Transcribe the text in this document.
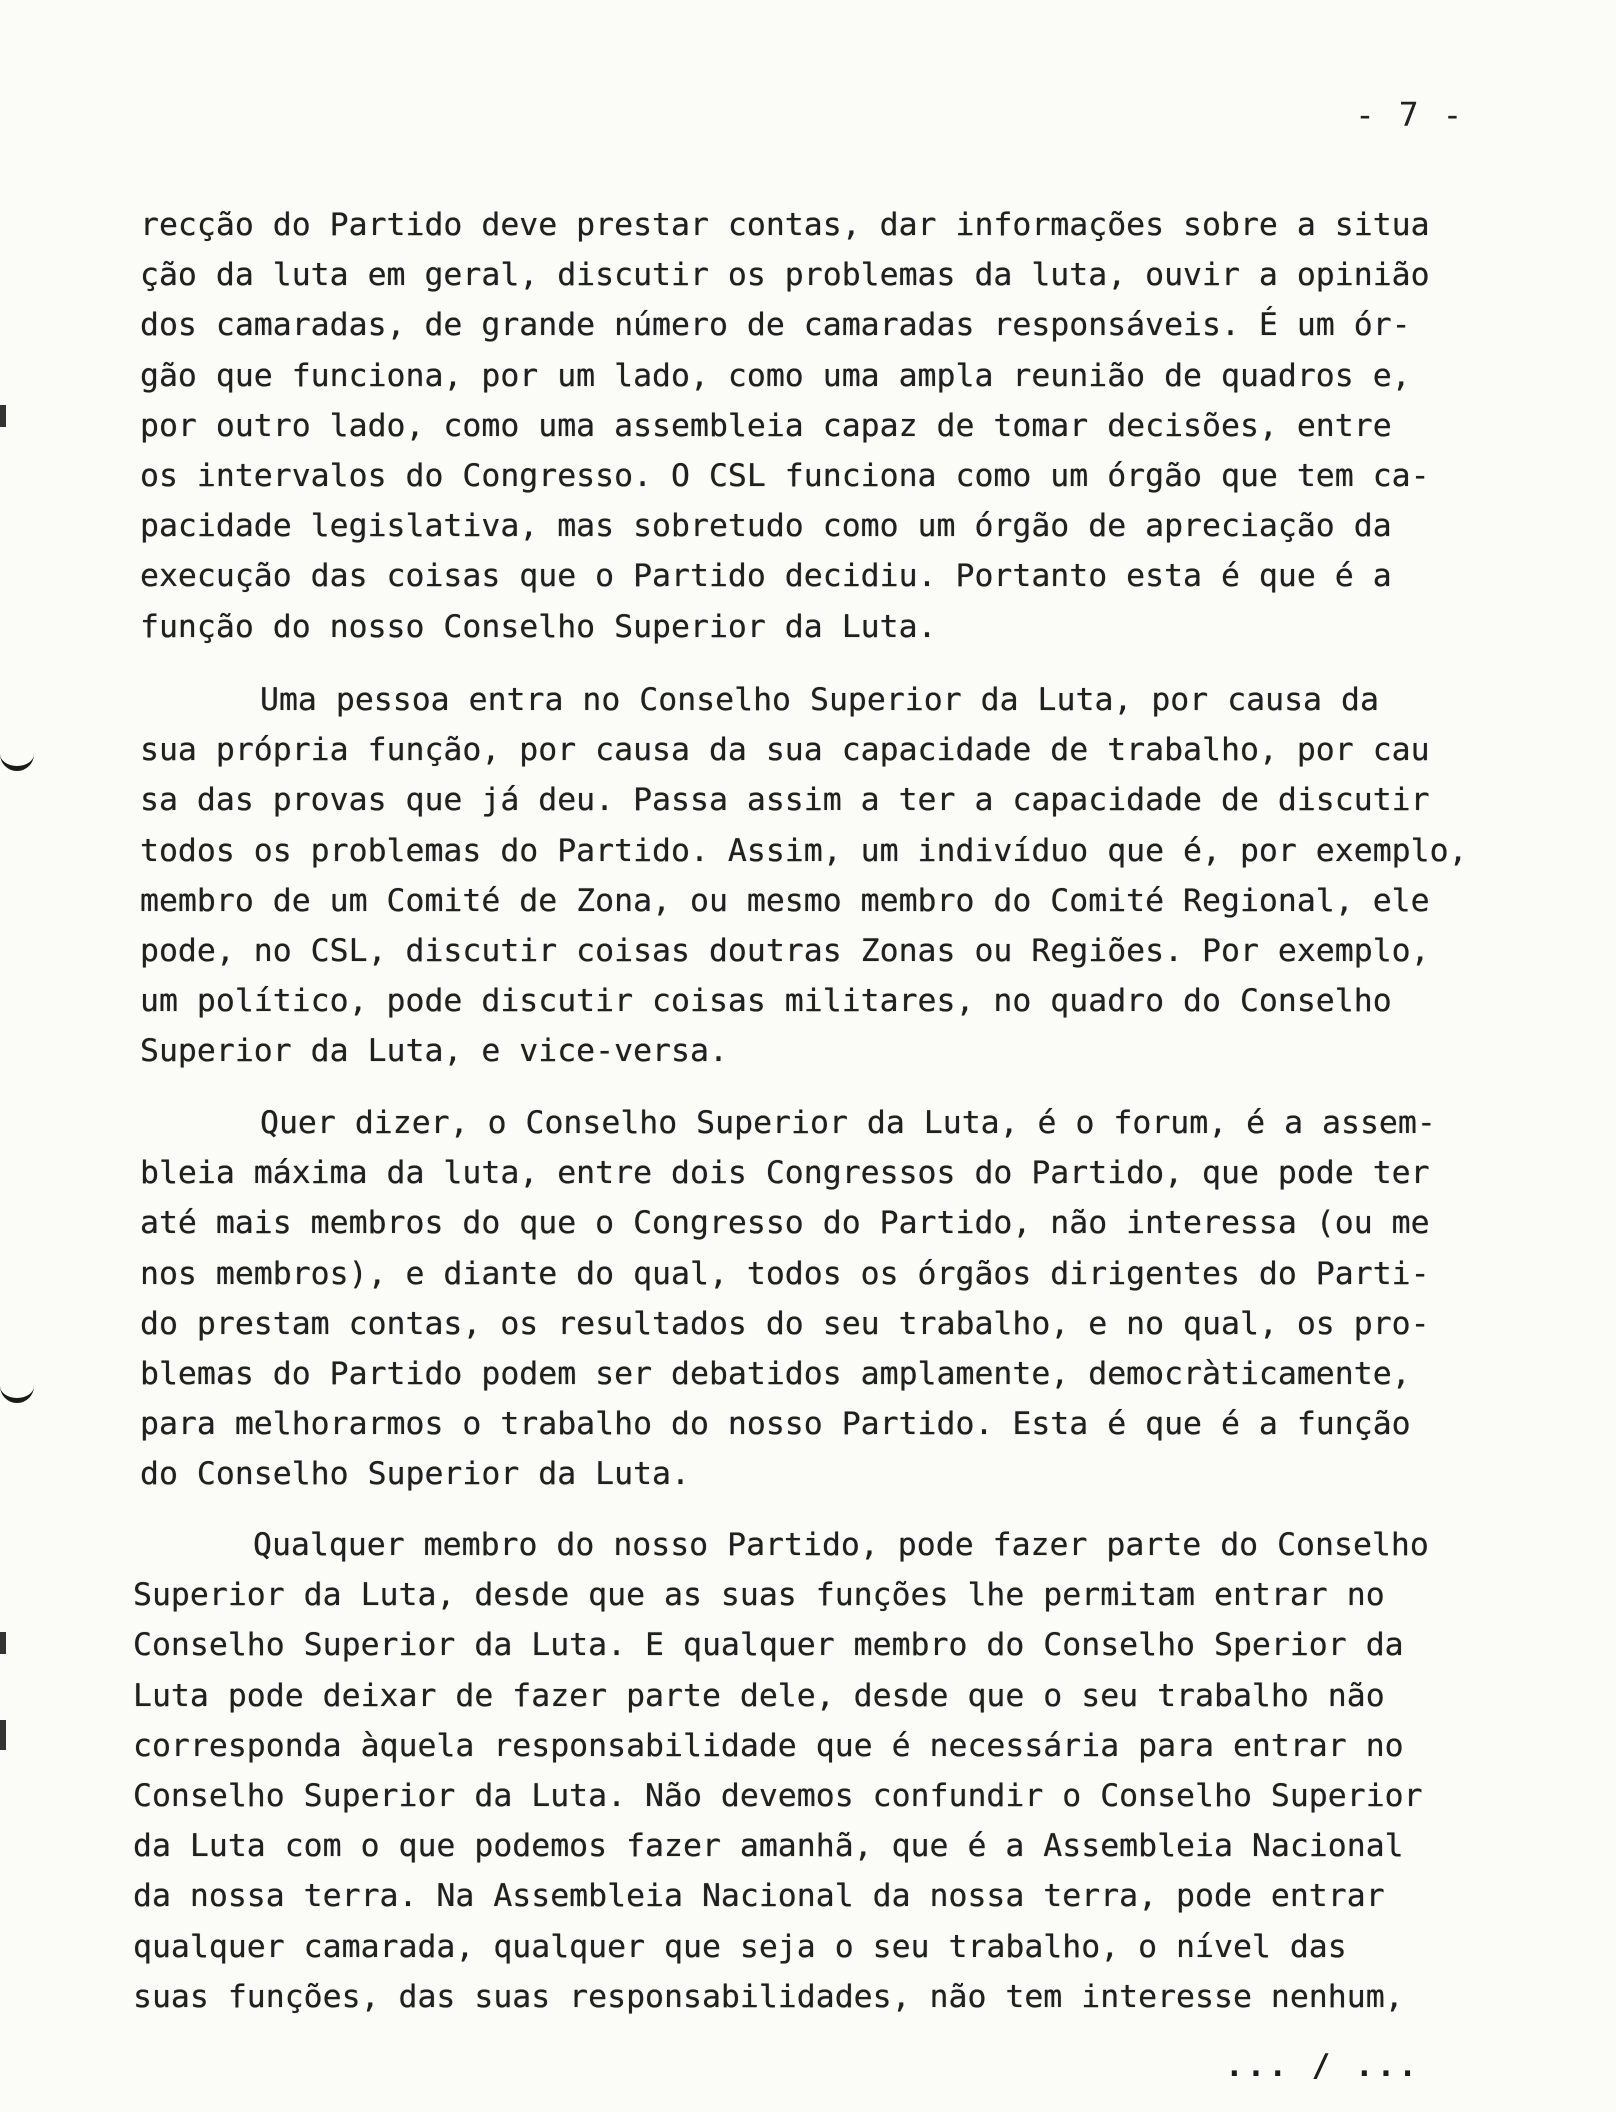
- 7 -

recção do Partido deve prestar contas, dar informações sobre a situa
ção da luta em geral, discutir os problemas da luta, ouvir a opinião
dos camaradas, de grande número de camaradas responsáveis. É um ór-
gão que funciona, por um lado, como uma ampla reunião de quadros e,
por outro lado, como uma assembleia capaz de tomar decisões, entre
os intervalos do Congresso. O CSL funciona como um órgão que tem ca-
pacidade legislativa, mas sobretudo como um órgão de apreciação da
execução das coisas que o Partido decidiu. Portanto esta é que é a
função do nosso Conselho Superior da Luta.

Uma pessoa entra no Conselho Superior da Luta, por causa da
sua própria função, por causa da sua capacidade de trabalho, por cau
sa das provas que já deu. Passa assim a ter a capacidade de discutir
todos os problemas do Partido. Assim, um indivíduo que é, por exemplo,
membro de um Comité de Zona, ou mesmo membro do Comité Regional, ele
pode, no CSL, discutir coisas doutras Zonas ou Regiões. Por exemplo,
um político, pode discutir coisas militares, no quadro do Conselho
Superior da Luta, e vice-versa.

Quer dizer, o Conselho Superior da Luta, é o forum, é a assem-
bleia máxima da luta, entre dois Congressos do Partido, que pode ter
até mais membros do que o Congresso do Partido, não interessa (ou me
nos membros), e diante do qual, todos os órgãos dirigentes do Parti-
do prestam contas, os resultados do seu trabalho, e no qual, os pro-
blemas do Partido podem ser debatidos amplamente, democràticamente,
para melhorarmos o trabalho do nosso Partido. Esta é que é a função
do Conselho Superior da Luta.

Qualquer membro do nosso Partido, pode fazer parte do Conselho
Superior da Luta, desde que as suas funções lhe permitam entrar no
Conselho Superior da Luta. E qualquer membro do Conselho Sperior da
Luta pode deixar de fazer parte dele, desde que o seu trabalho não
corresponda àquela responsabilidade que é necessária para entrar no
Conselho Superior da Luta. Não devemos confundir o Conselho Superior
da Luta com o que podemos fazer amanhã, que é a Assembleia Nacional
da nossa terra. Na Assembleia Nacional da nossa terra, pode entrar
qualquer camarada, qualquer que seja o seu trabalho, o nível das
suas funções, das suas responsabilidades, não tem interesse nenhum,

... / ...
